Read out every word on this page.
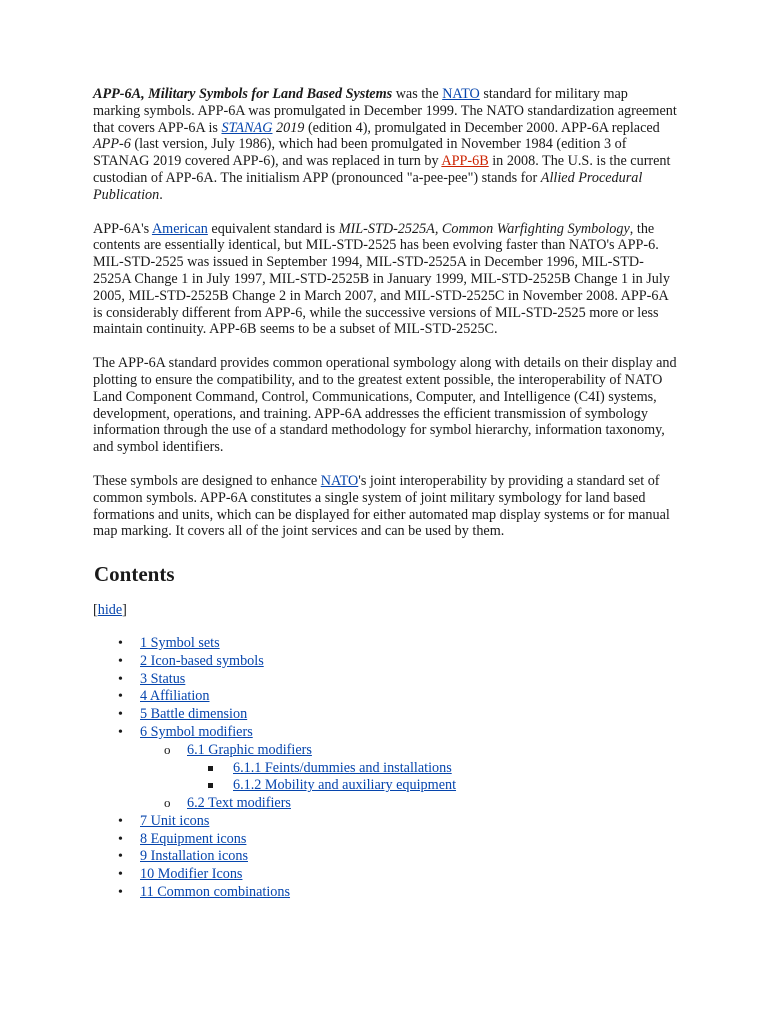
APP-6A, Military Symbols for Land Based Systems was the NATO standard for military map marking symbols. APP-6A was promulgated in December 1999. The NATO standardization agreement that covers APP-6A is STANAG 2019 (edition 4), promulgated in December 2000. APP-6A replaced APP-6 (last version, July 1986), which had been promulgated in November 1984 (edition 3 of STANAG 2019 covered APP-6), and was replaced in turn by APP-6B in 2008. The U.S. is the current custodian of APP-6A. The initialism APP (pronounced "a-pee-pee") stands for Allied Procedural Publication.

APP-6A's American equivalent standard is MIL-STD-2525A, Common Warfighting Symbology, the contents are essentially identical, but MIL-STD-2525 has been evolving faster than NATO's APP-6. MIL-STD-2525 was issued in September 1994, MIL-STD-2525A in December 1996, MIL-STD-2525A Change 1 in July 1997, MIL-STD-2525B in January 1999, MIL-STD-2525B Change 1 in July 2005, MIL-STD-2525B Change 2 in March 2007, and MIL-STD-2525C in November 2008. APP-6A is considerably different from APP-6, while the successive versions of MIL-STD-2525 more or less maintain continuity. APP-6B seems to be a subset of MIL-STD-2525C.

The APP-6A standard provides common operational symbology along with details on their display and plotting to ensure the compatibility, and to the greatest extent possible, the interoperability of NATO Land Component Command, Control, Communications, Computer, and Intelligence (C4I) systems, development, operations, and training. APP-6A addresses the efficient transmission of symbology information through the use of a standard methodology for symbol hierarchy, information taxonomy, and symbol identifiers.

These symbols are designed to enhance NATO's joint interoperability by providing a standard set of common symbols. APP-6A constitutes a single system of joint military symbology for land based formations and units, which can be displayed for either automated map display systems or for manual map marking. It covers all of the joint services and can be used by them.

Contents
[hide]
• 1 Symbol sets
• 2 Icon-based symbols
• 3 Status
• 4 Affiliation
• 5 Battle dimension
• 6 Symbol modifiers
o 6.1 Graphic modifiers
6.1.1 Feints/dummies and installations
6.1.2 Mobility and auxiliary equipment
o 6.2 Text modifiers
• 7 Unit icons
• 8 Equipment icons
• 9 Installation icons
• 10 Modifier Icons
• 11 Common combinations
